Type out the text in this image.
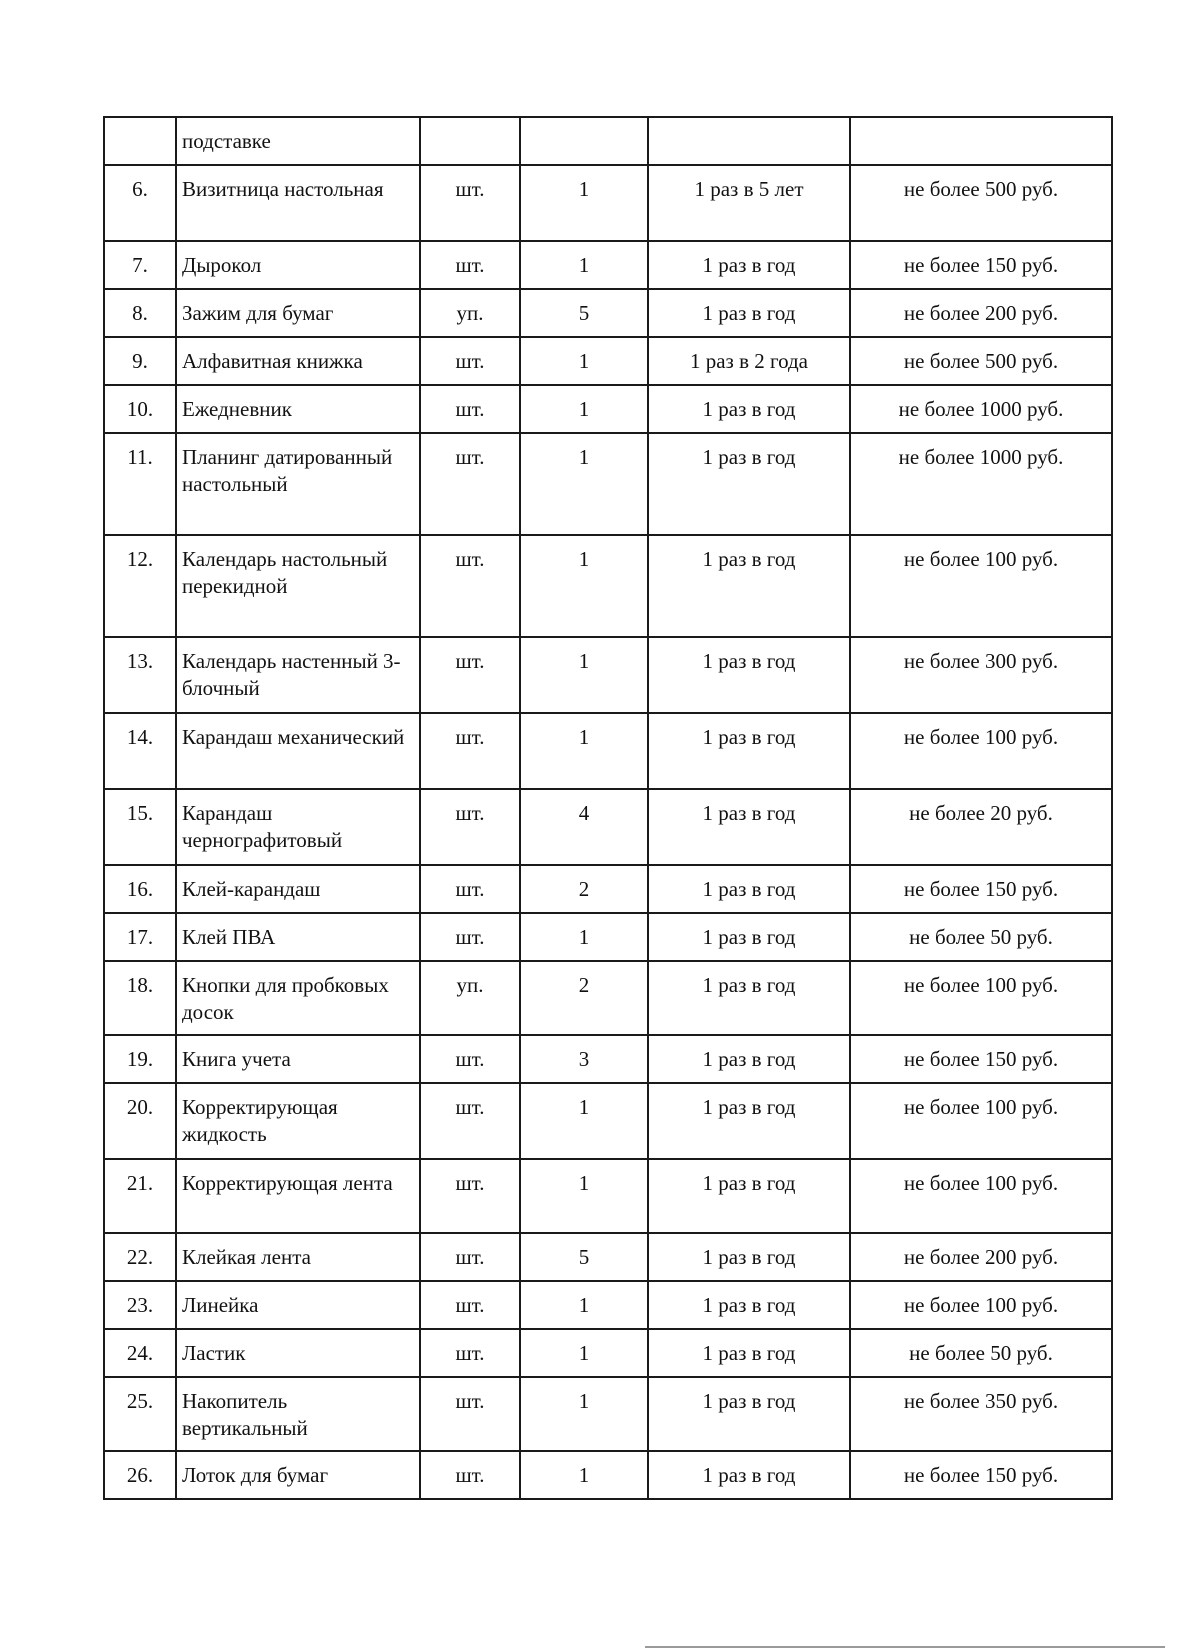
	подставке				
6.	Визитница настольная	шт.	1	1 раз в 5 лет	не более 500 руб.
7.	Дырокол	шт.	1	1 раз в год	не более 150 руб.
8.	Зажим для бумаг	уп.	5	1 раз в год	не более 200 руб.
9.	Алфавитная книжка	шт.	1	1 раз в 2 года	не более 500 руб.
10.	Ежедневник	шт.	1	1 раз в год	не более 1000 руб.
11.	Планинг датированный настольный	шт.	1	1 раз в год	не более 1000 руб.
12.	Календарь настольный перекидной	шт.	1	1 раз в год	не более 100 руб.
13.	Календарь настенный 3-блочный	шт.	1	1 раз в год	не более 300 руб.
14.	Карандаш механический	шт.	1	1 раз в год	не более 100 руб.
15.	Карандаш чернографитовый	шт.	4	1 раз в год	не более 20 руб.
16.	Клей-карандаш	шт.	2	1 раз в год	не более 150 руб.
17.	Клей ПВА	шт.	1	1 раз в год	не более 50 руб.
18.	Кнопки для пробковых досок	уп.	2	1 раз в год	не более 100 руб.
19.	Книга учета	шт.	3	1 раз в год	не более 150 руб.
20.	Корректирующая жидкость	шт.	1	1 раз в год	не более 100 руб.
21.	Корректирующая лента	шт.	1	1 раз в год	не более 100 руб.
22.	Клейкая лента	шт.	5	1 раз в год	не более 200 руб.
23.	Линейка	шт.	1	1 раз в год	не более 100 руб.
24.	Ластик	шт.	1	1 раз в год	не более 50 руб.
25.	Накопитель вертикальный	шт.	1	1 раз в год	не более 350 руб.
26.	Лоток для бумаг	шт.	1	1 раз в год	не более 150 руб.
